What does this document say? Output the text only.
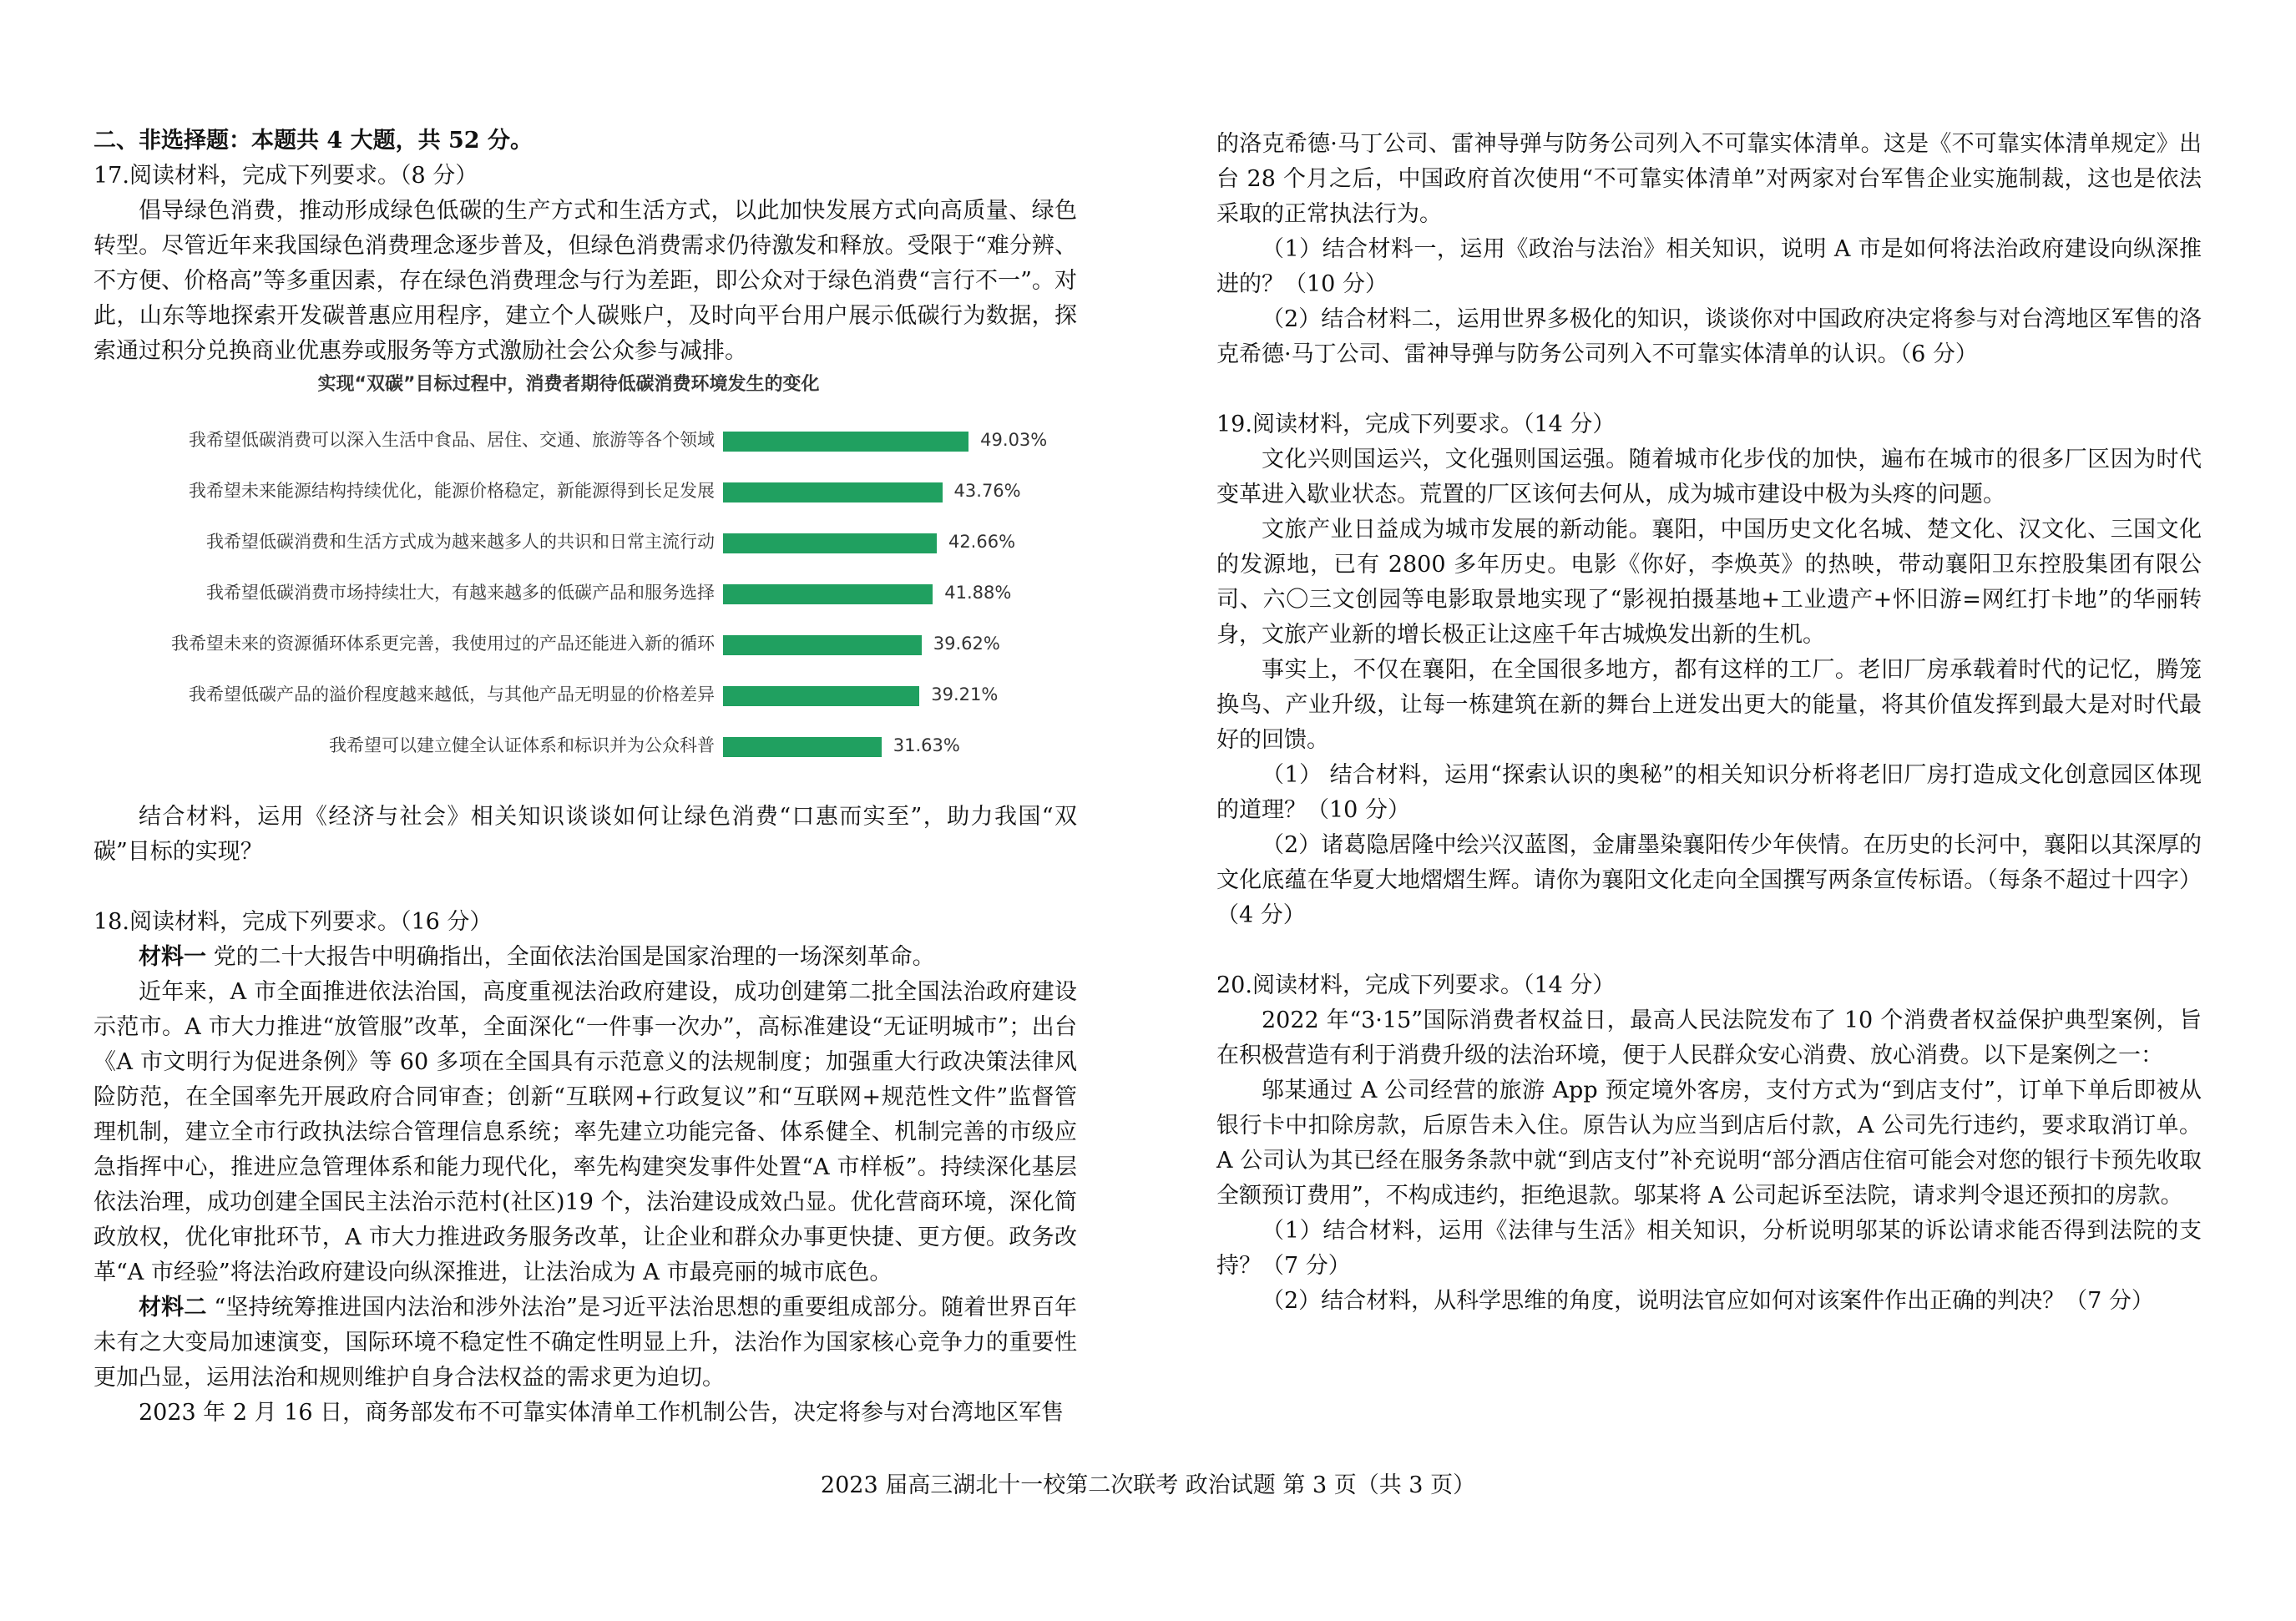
二、非选择题：本题共 4 大题，共 52 分。

17.阅读材料，完成下列要求。（8 分）

倡导绿色消费，推动形成绿色低碳的生产方式和生活方式，以此加快发展方式向高质量、绿色转型。尽管近年来我国绿色消费理念逐步普及，但绿色消费需求仍待激发和释放。受限于“难分辨、不方便、价格高”等多重因素，存在绿色消费理念与行为差距，即公众对于绿色消费“言行不一”。对此，山东等地探索开发碳普惠应用程序，建立个人碳账户，及时向平台用户展示低碳行为数据，探索通过积分兑换商业优惠券或服务等方式激励社会公众参与减排。

实现“双碳”目标过程中，消费者期待低碳消费环境发生的变化
我希望低碳消费可以深入生活中食品、居住、交通、旅游等各个领域	49.03%
我希望未来能源结构持续优化，能源价格稳定，新能源得到长足发展	43.76%
我希望低碳消费和生活方式成为越来越多人的共识和日常主流行动	42.66%
我希望低碳消费市场持续壮大，有越来越多的低碳产品和服务选择	41.88%
我希望未来的资源循环体系更完善，我使用过的产品还能进入新的循环	39.62%
我希望低碳产品的溢价程度越来越低，与其他产品无明显的价格差异	39.21%
我希望可以建立健全认证体系和标识并为公众科普	31.63%

结合材料，运用《经济与社会》相关知识谈谈如何让绿色消费“口惠而实至”，助力我国“双碳”目标的实现？

18.阅读材料，完成下列要求。（16 分）

材料一 党的二十大报告中明确指出，全面依法治国是国家治理的一场深刻革命。

近年来，A 市全面推进依法治国，高度重视法治政府建设，成功创建第二批全国法治政府建设示范市。A 市大力推进“放管服”改革，全面深化“一件事一次办”，高标准建设“无证明城市”；出台《A 市文明行为促进条例》等 60 多项在全国具有示范意义的法规制度；加强重大行政决策法律风险防范，在全国率先开展政府合同审查；创新“互联网+行政复议”和“互联网+规范性文件”监督管理机制，建立全市行政执法综合管理信息系统；率先建立功能完备、体系健全、机制完善的市级应急指挥中心，推进应急管理体系和能力现代化，率先构建突发事件处置“A 市样板”。持续深化基层依法治理，成功创建全国民主法治示范村(社区)19 个，法治建设成效凸显。优化营商环境，深化简政放权，优化审批环节，A 市大力推进政务服务改革，让企业和群众办事更快捷、更方便。政务改革“A 市经验”将法治政府建设向纵深推进，让法治成为 A 市最亮丽的城市底色。

材料二 “坚持统筹推进国内法治和涉外法治”是习近平法治思想的重要组成部分。随着世界百年未有之大变局加速演变，国际环境不稳定性不确定性明显上升，法治作为国家核心竞争力的重要性更加凸显，运用法治和规则维护自身合法权益的需求更为迫切。

2023 年 2 月 16 日，商务部发布不可靠实体清单工作机制公告，决定将参与对台湾地区军售

的洛克希德·马丁公司、雷神导弹与防务公司列入不可靠实体清单。这是《不可靠实体清单规定》出台 28 个月之后，中国政府首次使用“不可靠实体清单”对两家对台军售企业实施制裁，这也是依法采取的正常执法行为。

（1）结合材料一，运用《政治与法治》相关知识，说明 A 市是如何将法治政府建设向纵深推进的？（10 分）

（2）结合材料二，运用世界多极化的知识，谈谈你对中国政府决定将参与对台湾地区军售的洛克希德·马丁公司、雷神导弹与防务公司列入不可靠实体清单的认识。（6 分）

19.阅读材料，完成下列要求。（14 分）

文化兴则国运兴，文化强则国运强。随着城市化步伐的加快，遍布在城市的很多厂区因为时代变革进入歇业状态。荒置的厂区该何去何从，成为城市建设中极为头疼的问题。

文旅产业日益成为城市发展的新动能。襄阳，中国历史文化名城、楚文化、汉文化、三国文化的发源地，已有 2800 多年历史。电影《你好，李焕英》的热映，带动襄阳卫东控股集团有限公司、六〇三文创园等电影取景地实现了“影视拍摄基地+工业遗产+怀旧游=网红打卡地”的华丽转身，文旅产业新的增长极正让这座千年古城焕发出新的生机。

事实上，不仅在襄阳，在全国很多地方，都有这样的工厂。老旧厂房承载着时代的记忆，腾笼换鸟、产业升级，让每一栋建筑在新的舞台上迸发出更大的能量，将其价值发挥到最大是对时代最好的回馈。

（1） 结合材料，运用“探索认识的奥秘”的相关知识分析将老旧厂房打造成文化创意园区体现的道理？（10 分）

（2）诸葛隐居隆中绘兴汉蓝图，金庸墨染襄阳传少年侠情。在历史的长河中，襄阳以其深厚的文化底蕴在华夏大地熠熠生辉。请你为襄阳文化走向全国撰写两条宣传标语。（每条不超过十四字）（4 分）

20.阅读材料，完成下列要求。（14 分）

2022 年“3·15”国际消费者权益日，最高人民法院发布了 10 个消费者权益保护典型案例，旨在积极营造有利于消费升级的法治环境，便于人民群众安心消费、放心消费。以下是案例之一：

邬某通过 A 公司经营的旅游 App 预定境外客房，支付方式为“到店支付”，订单下单后即被从银行卡中扣除房款，后原告未入住。原告认为应当到店后付款，A 公司先行违约，要求取消订单。A 公司认为其已经在服务条款中就“到店支付”补充说明“部分酒店住宿可能会对您的银行卡预先收取全额预订费用”，不构成违约，拒绝退款。邬某将 A 公司起诉至法院，请求判令退还预扣的房款。

（1）结合材料，运用《法律与生活》相关知识，分析说明邬某的诉讼请求能否得到法院的支持？（7 分）

（2）结合材料，从科学思维的角度，说明法官应如何对该案件作出正确的判决？（7 分）

2023 届高三湖北十一校第二次联考 政治试题 第 3 页（共 3 页）
